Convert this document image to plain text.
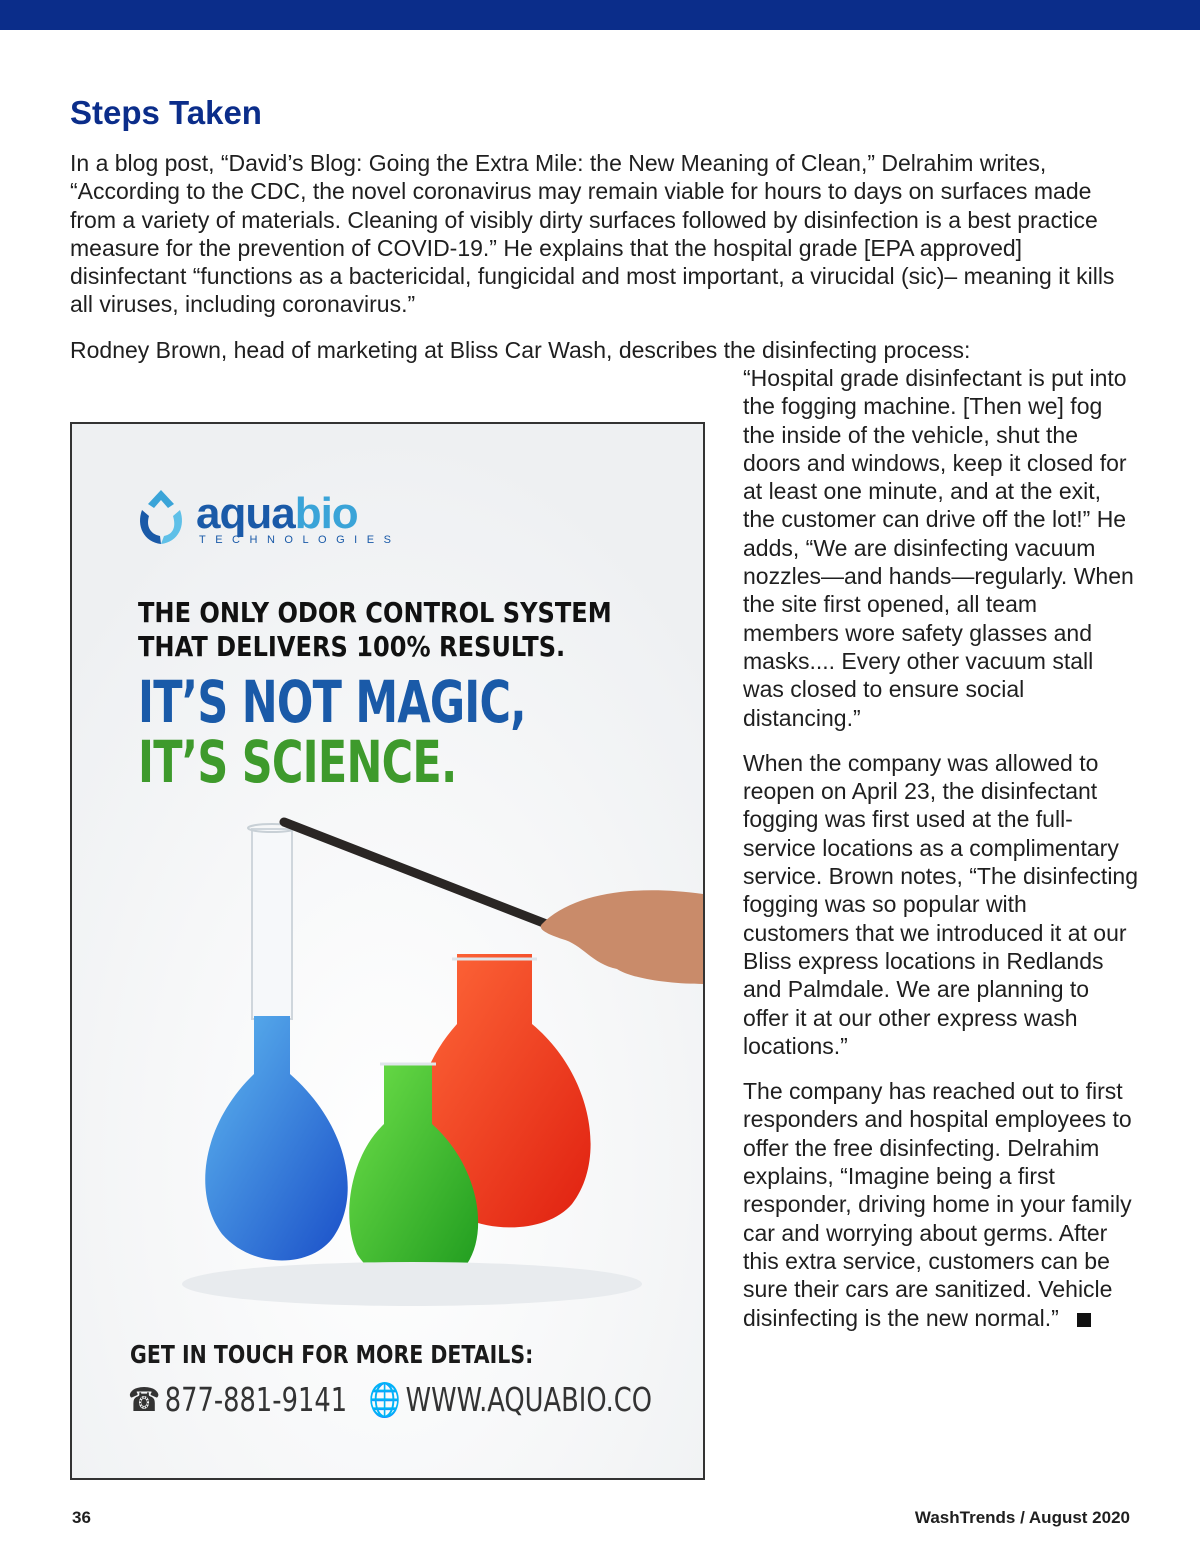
Steps Taken

In a blog post, “David’s Blog: Going the Extra Mile: the New Meaning of Clean,” Delrahim writes, “According to the CDC, the novel coronavirus may remain viable for hours to days on surfaces made from a variety of materials. Cleaning of visibly dirty surfaces followed by disinfection is a best practice measure for the prevention of COVID-19.” He explains that the hospital grade [EPA approved] disinfectant “functions as a bactericidal, fungicidal and most important, a virucidal (sic)– meaning it kills all viruses, including coronavirus.”

Rodney Brown, head of marketing at Bliss Car Wash, describes the disinfecting process:

“Hospital grade disinfectant is put into the fogging machine. [Then we] fog the inside of the vehicle, shut the doors and windows, keep it closed for at least one minute, and at the exit, the customer can drive off the lot!” He adds, “We are disinfecting vacuum nozzles—and hands—regularly. When the site first opened, all team members wore safety glasses and masks.... Every other vacuum stall was closed to ensure social distancing.”

When the company was allowed to reopen on April 23, the disinfectant fogging was first used at the full-service locations as a complimentary service. Brown notes, “The disinfecting fogging was so popular with customers that we introduced it at our Bliss express locations in Redlands and Palmdale. We are planning to offer it at our other express wash locations.”

The company has reached out to first responders and hospital employees to offer the free disinfecting. Delrahim explains, “Imagine being a first responder, driving home in your family car and worrying about germs. After this extra service, customers can be sure their cars are sanitized. Vehicle disinfecting is the new normal.”

aquabio
TECHNOLOGIES
THE ONLY ODOR CONTROL SYSTEM
THAT DELIVERS 100% RESULTS.
IT’S NOT MAGIC,
IT’S SCIENCE.
GET IN TOUCH FOR MORE DETAILS:
☎ 877-881-9141 🌐 WWW.AQUABIO.CO
36	WashTrends / August 2020
